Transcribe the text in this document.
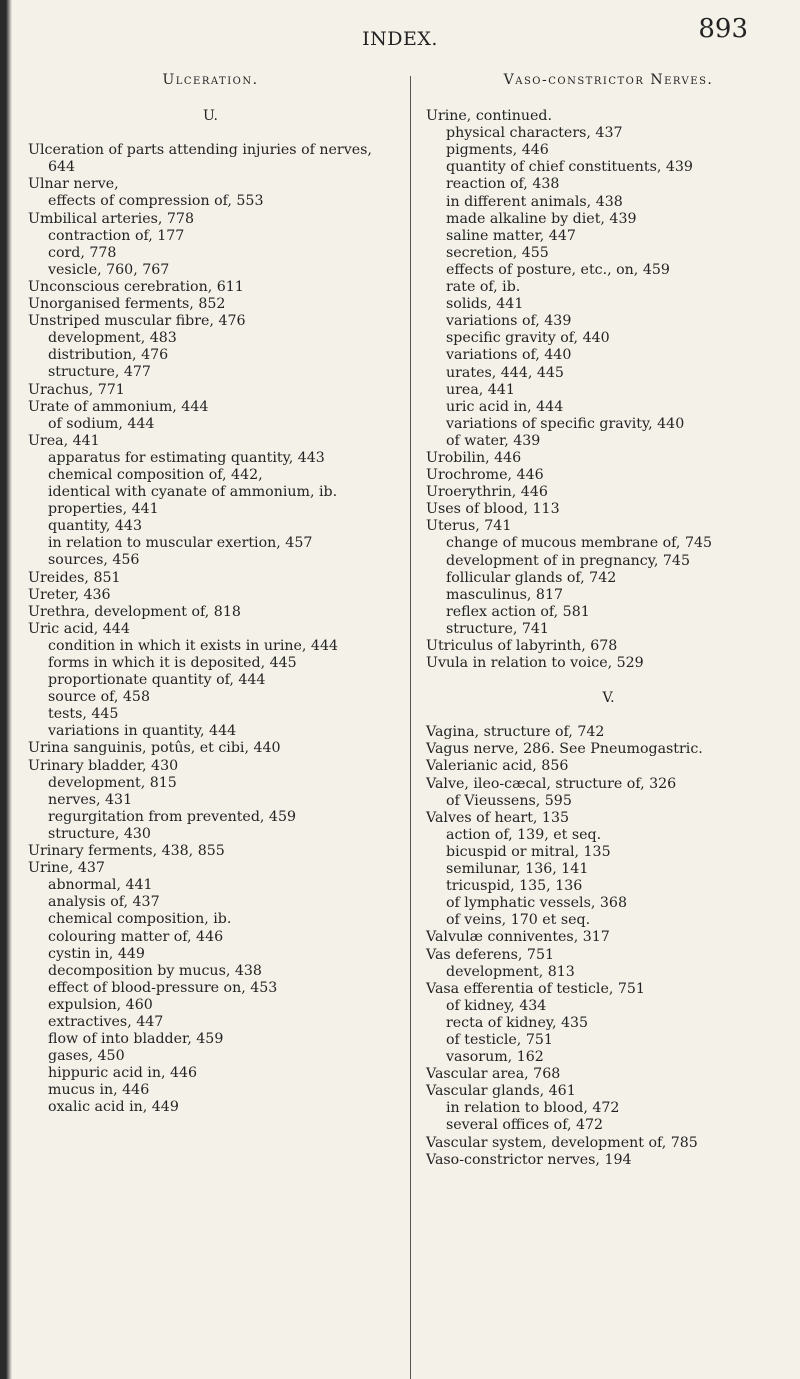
INDEX.	893
Ulceration.
U.
Ulceration of parts attending injuries of nerves, 644
Ulnar nerve,
effects of compression of, 553
Umbilical arteries, 778
contraction of, 177
cord, 778
vesicle, 760, 767
Unconscious cerebration, 611
Unorganised ferments, 852
Unstriped muscular fibre, 476
development, 483
distribution, 476
structure, 477
Urachus, 771
Urate of ammonium, 444
of sodium, 444
Urea, 441
apparatus for estimating quantity, 443
chemical composition of, 442,
identical with cyanate of ammonium, ib.
properties, 441
quantity, 443
in relation to muscular exertion, 457
sources, 456
Ureides, 851
Ureter, 436
Urethra, development of, 818
Uric acid, 444
condition in which it exists in urine, 444
forms in which it is deposited, 445
proportionate quantity of, 444
source of, 458
tests, 445
variations in quantity, 444
Urina sanguinis, potûs, et cibi, 440
Urinary bladder, 430
development, 815
nerves, 431
regurgitation from prevented, 459
structure, 430
Urinary ferments, 438, 855
Urine, 437
abnormal, 441
analysis of, 437
chemical composition, ib.
colouring matter of, 446
cystin in, 449
decomposition by mucus, 438
effect of blood-pressure on, 453
expulsion, 460
extractives, 447
flow of into bladder, 459
gases, 450
hippuric acid in, 446
mucus in, 446
oxalic acid in, 449
Vaso-constrictor Nerves.
Urine, continued.
physical characters, 437
pigments, 446
quantity of chief constituents, 439
reaction of, 438
in different animals, 438
made alkaline by diet, 439
saline matter, 447
secretion, 455
effects of posture, etc., on, 459
rate of, ib.
solids, 441
variations of, 439
specific gravity of, 440
variations of, 440
urates, 444, 445
urea, 441
uric acid in, 444
variations of specific gravity, 440
of water, 439
Urobilin, 446
Urochrome, 446
Uroerythrin, 446
Uses of blood, 113
Uterus, 741
change of mucous membrane of, 745
development of in pregnancy, 745
follicular glands of, 742
masculinus, 817
reflex action of, 581
structure, 741
Utriculus of labyrinth, 678
Uvula in relation to voice, 529
V.
Vagina, structure of, 742
Vagus nerve, 286. See Pneumogastric.
Valerianic acid, 856
Valve, ileo-cæcal, structure of, 326
of Vieussens, 595
Valves of heart, 135
action of, 139, et seq.
bicuspid or mitral, 135
semilunar, 136, 141
tricuspid, 135, 136
of lymphatic vessels, 368
of veins, 170 et seq.
Valvulæ conniventes, 317
Vas deferens, 751
development, 813
Vasa efferentia of testicle, 751
of kidney, 434
recta of kidney, 435
of testicle, 751
vasorum, 162
Vascular area, 768
Vascular glands, 461
in relation to blood, 472
several offices of, 472
Vascular system, development of, 785
Vaso-constrictor nerves, 194
